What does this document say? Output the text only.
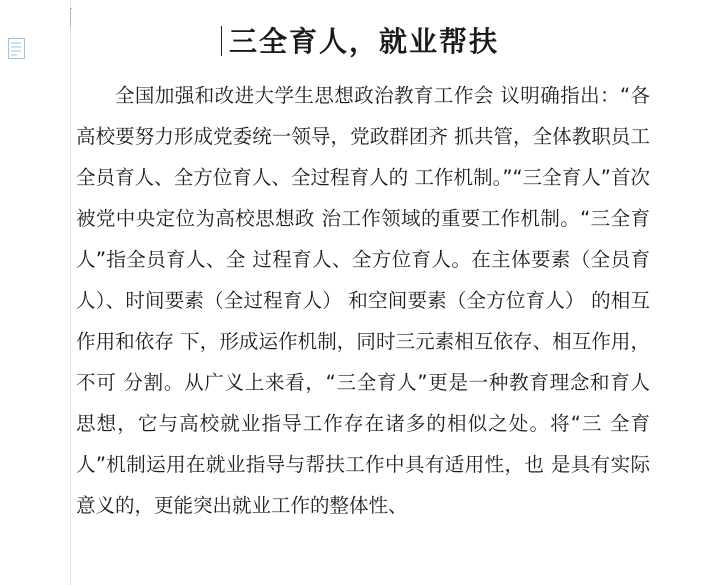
三全育人，就业帮扶
全国加强和改进大学生思想政治教育工作会 议明确指出：“各高校要努力形成党委统一领导，党政群团齐 抓共管，全体教职员工全员育人、全方位育人、全过程育人的 工作机制。”“三全育人”首次被党中央定位为高校思想政 治工作领域的重要工作机制。“三全育人”指全员育人、全 过程育人、全方位育人。在主体要素（全员育人）、时间要素（全过程育人） 和空间要素（全方位育人） 的相互作用和依存 下，形成运作机制，同时三元素相互依存、相互作用，不可 分割。从广义上来看，“三全育人”更是一种教育理念和育人 思想，它与高校就业指导工作存在诸多的相似之处。将“三 全育人”机制运用在就业指导与帮扶工作中具有适用性，也 是具有实际意义的，更能突出就业工作的整体性、
